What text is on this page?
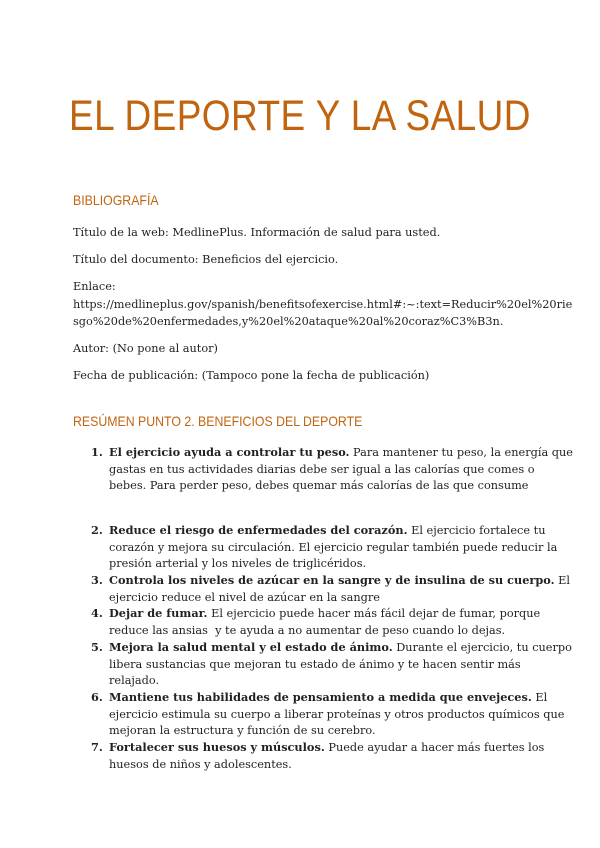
EL DEPORTE Y LA SALUD
BIBLIOGRAFÍA

Título de la web: MedlinePlus. Información de salud para usted.

Título del documento: Beneficios del ejercicio.

Enlace:

https://medlineplus.gov/spanish/benefitsofexercise.html#:~:text=Reducir%20el%20rie

sgo%20de%20enfermedades,y%20el%20ataque%20al%20coraz%C3%B3n.

Autor: (No pone al autor)

Fecha de publicación: (Tampoco pone la fecha de publicación)

RESÚMEN PUNTO 2. BENEFICIOS DEL DEPORTE
1. El ejercicio ayuda a controlar tu peso. Para mantener tu peso, la energía que
gastas en tus actividades diarias debe ser igual a las calorías que comes o
bebes. Para perder peso, debes quemar más calorías de las que consume
2. Reduce el riesgo de enfermedades del corazón. El ejercicio fortalece tu
corazón y mejora su circulación. El ejercicio regular también puede reducir la
presión arterial y los niveles de triglicéridos.
3. Controla los niveles de azúcar en la sangre y de insulina de su cuerpo. El
ejercicio reduce el nivel de azúcar en la sangre
4. Dejar de fumar. El ejercicio puede hacer más fácil dejar de fumar, porque
reduce las ansias  y te ayuda a no aumentar de peso cuando lo dejas.
5. Mejora la salud mental y el estado de ánimo. Durante el ejercicio, tu cuerpo
libera sustancias que mejoran tu estado de ánimo y te hacen sentir más
relajado.
6. Mantiene tus habilidades de pensamiento a medida que envejeces. El
ejercicio estimula su cuerpo a liberar proteínas y otros productos químicos que
mejoran la estructura y función de su cerebro.
7. Fortalecer sus huesos y músculos. Puede ayudar a hacer más fuertes los
huesos de niños y adolescentes.
